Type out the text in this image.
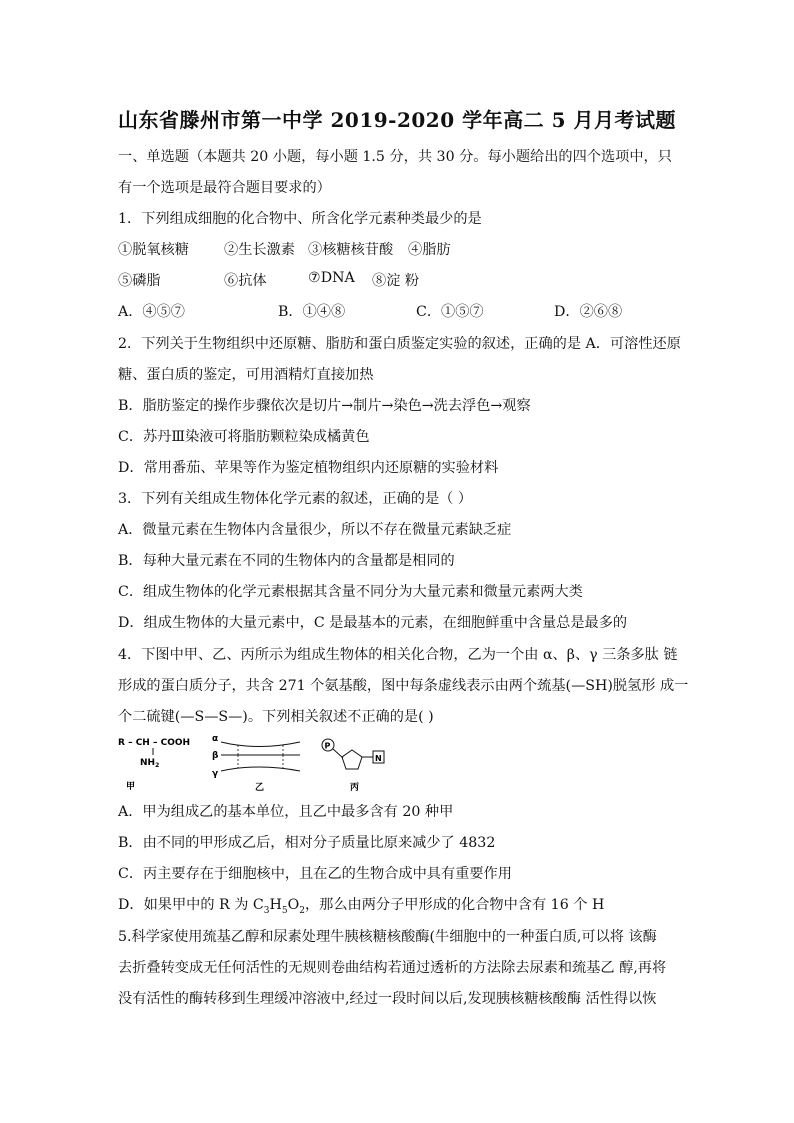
山东省滕州市第一中学 2019-2020 学年高二 5 月月考试题
一、单选题（本题共 20 小题，每小题 1.5 分，共 30 分。每小题给出的四个选项中，只
有一个选项是最符合题目要求的）
1．下列组成细胞的化合物中、所含化学元素种类最少的是
①脱氧核糖 ②生长激素 ③核糖核苷酸 ④脂肪
⑤磷脂	⑥抗体	⑦DNA ⑧淀 粉
A．④⑤⑦	B．①④⑧	C．①⑤⑦	D．②⑥⑧
2．下列关于生物组织中还原糖、脂肪和蛋白质鉴定实验的叙述，正确的是 A．可溶性还原
糖、蛋白质的鉴定，可用酒精灯直接加热
B．脂肪鉴定的操作步骤依次是切片→制片→染色→洗去浮色→观察
C．苏丹Ⅲ染液可将脂肪颗粒染成橘黄色
D．常用番茄、苹果等作为鉴定植物组织内还原糖的实验材料
3．下列有关组成生物体化学元素的叙述，正确的是（ ）
A．微量元素在生物体内含量很少，所以不存在微量元素缺乏症
B．每种大量元素在不同的生物体内的含量都是相同的
C．组成生物体的化学元素根据其含量不同分为大量元素和微量元素两大类
D．组成生物体的大量元素中，C 是最基本的元素，在细胞鲜重中含量总是最多的
4．下图中甲、乙、丙所示为组成生物体的相关化合物，乙为一个由 α、β、γ 三条多肽 链
形成的蛋白质分子，共含 271 个氨基酸，图中每条虚线表示由两个巯基(—SH)脱氢形 成一
个二硫键(—S—S—)。下列相关叙述不正确的是( )
R – CH – COOH
$NH_2$
甲
α
β
γ
乙
P
N
丙
A．甲为组成乙的基本单位，且乙中最多含有 20 种甲
B．由不同的甲形成乙后，相对分子质量比原来减少了 4832
C．丙主要存在于细胞核中，且在乙的生物合成中具有重要作用
D．如果甲中的 R 为 $C_3H_5O_2$，那么由两分子甲形成的化合物中含有 16 个 H
5.科学家使用巯基乙醇和尿素处理牛胰核糖核酸酶(牛细胞中的一种蛋白质,可以将 该酶
去折叠转变成无任何活性的无规则卷曲结构若通过透析的方法除去尿素和巯基乙 醇,再将
没有活性的酶转移到生理缓冲溶液中,经过一段时间以后,发现胰核糖核酸酶 活性得以恢
